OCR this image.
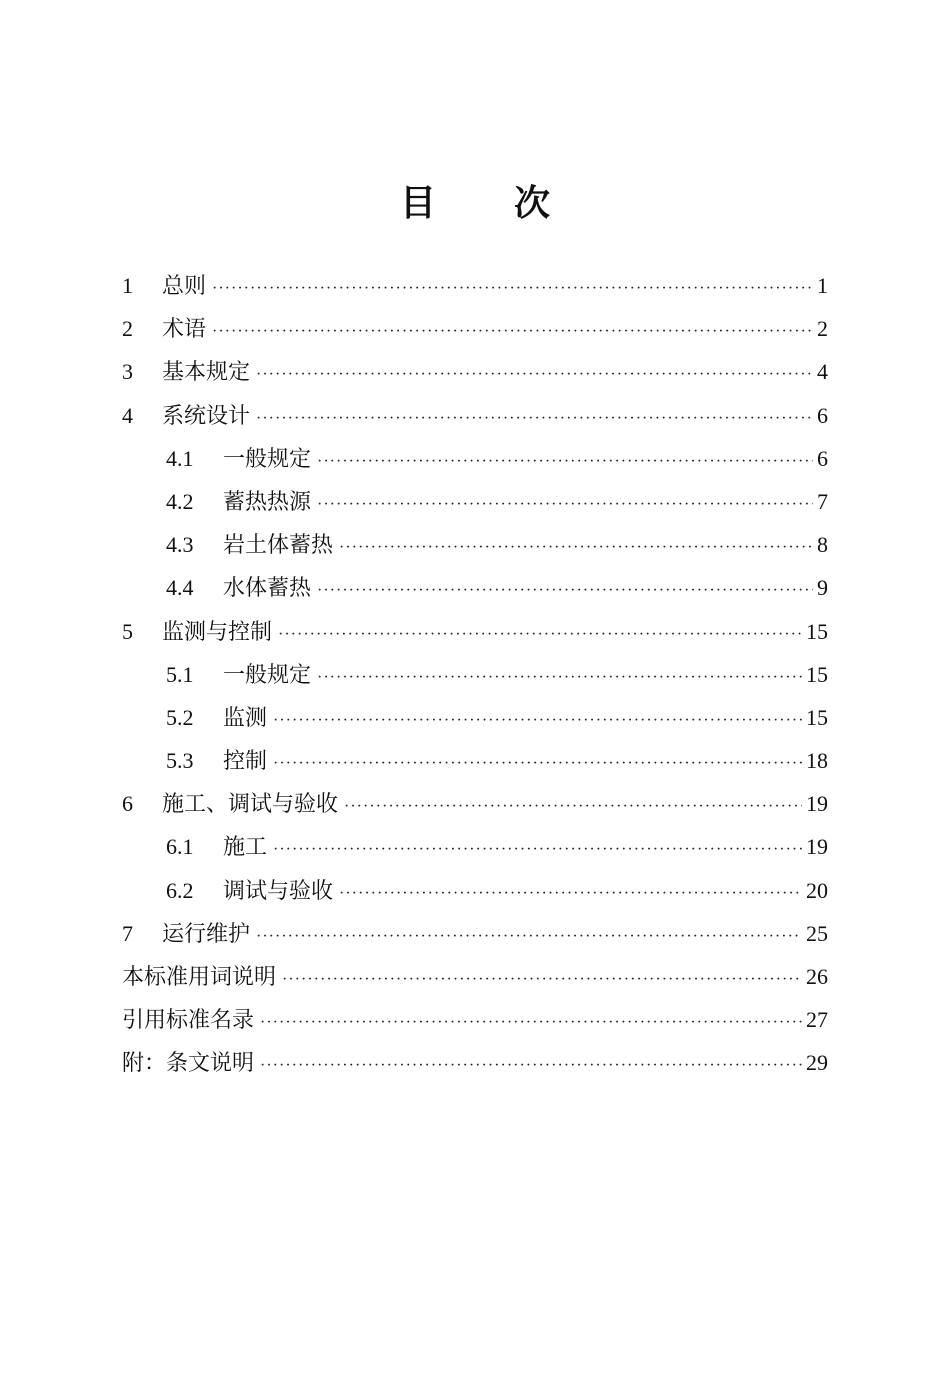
目 次
1	总则 ·····	1
2	术语 ·····	2
3	基本规定 ·····	4
4	系统设计 ·····	6
4.1	一般规定 ·····	6
4.2	蓄热热源 ·····	7
4.3	岩土体蓄热 ·····	8
4.4	水体蓄热 ·····	9
5	监测与控制 ·····	15
5.1	一般规定 ·····	15
5.2	监测 ·····	15
5.3	控制 ·····	18
6	施工、调试与验收 ·····	19
6.1	施工 ·····	19
6.2	调试与验收 ·····	20
7	运行维护 ·····	25
本标准用词说明 ·····	26
引用标准名录 ·····	27
附：条文说明 ·····	29
